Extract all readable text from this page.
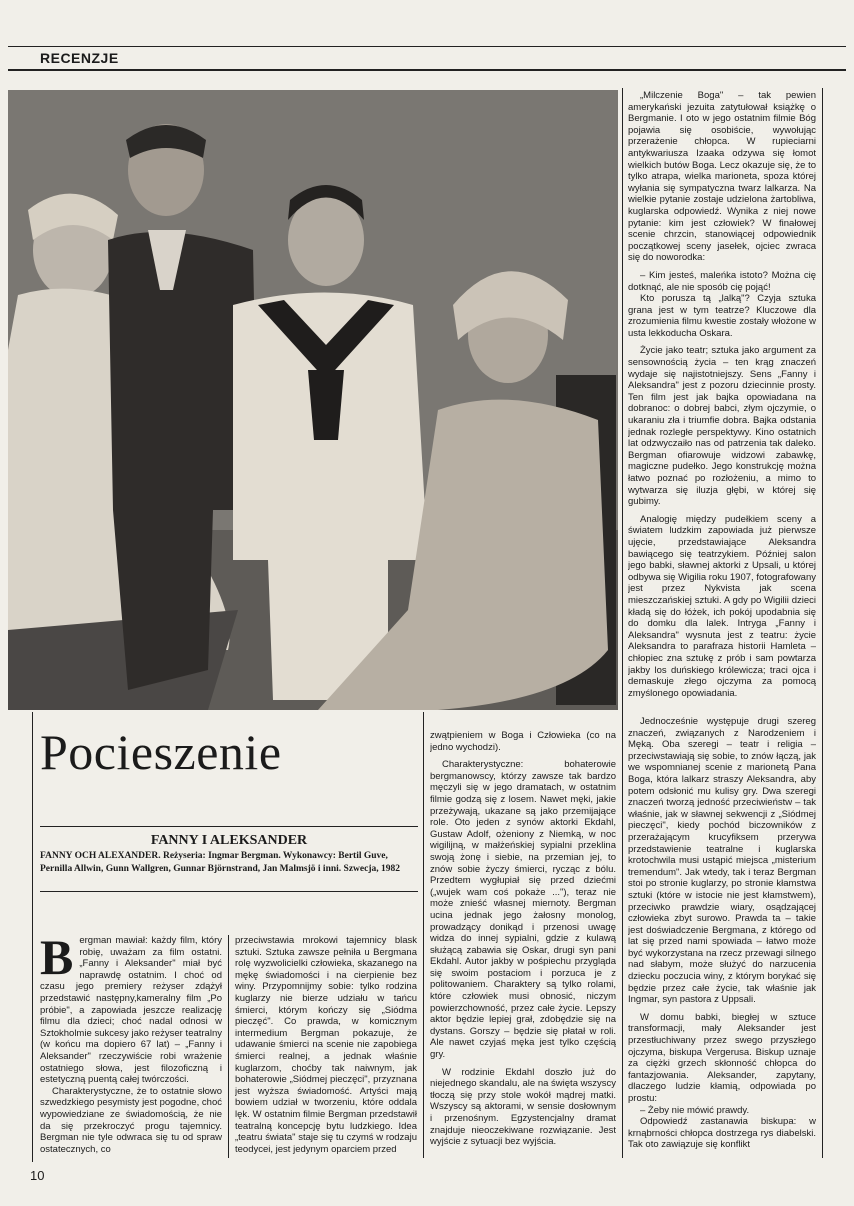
RECENZJE
Pocieszenie
FANNY I ALEKSANDER
FANNY OCH ALEXANDER. Reżyseria: Ingmar Bergman. Wykonawcy: Bertil Guve, Pernilla Allwin, Gunn Wallgren, Gunnar Björnstrand, Jan Malmsjö i inni. Szwecja, 1982

Bergman mawiał: każdy film, który robię, uważam za film ostatni. „Fanny i Aleksander" miał być naprawdę ostatnim. I choć od czasu jego premiery reżyser zdążył przedstawić następny,kameralny film „Po próbie", a zapowiada jeszcze realizację filmu dla dzieci; choć nadal odnosi w Sztokholmie sukcesy jako reżyser teatralny (w końcu ma dopiero 67 lat) – „Fanny i Aleksander" rzeczywiście robi wrażenie ostatniego słowa, jest filozoficzną i estetyczną puentą całej twórczości.

Charakterystyczne, że to ostatnie słowo szwedzkiego pesymisty jest pogodne, choć wypowiedziane ze świadomością, że nie da się przekroczyć progu tajemnicy. Bergman nie tyle odwraca się tu od spraw ostatecznych, co

przeciwstawia mrokowi tajemnicy blask sztuki. Sztuka zawsze pełniła u Bergmana rolę wyzwolicielki człowieka, skazanego na mękę świadomości i na cierpienie bez winy. Przypomnijmy sobie: tylko rodzina kuglarzy nie bierze udziału w tańcu śmierci, którym kończy się „Siódma pieczęć". Co prawda, w komicznym intermedium Bergman pokazuje, że udawanie śmierci na scenie nie zapobiega śmierci realnej, a jednak właśnie kuglarzom, choćby tak naiwnym, jak bohaterowie „Siódmej pieczęci", przyznana jest wyższa świadomość. Artyści mają bowiem udział w tworzeniu, które oddala lęk. W ostatnim filmie Bergman przedstawił teatralną koncepcję bytu ludzkiego. Idea „teatru świata" staje się tu czymś w rodzaju teodycei, jest jedynym oparciem przed

zwątpieniem w Boga i Człowieka (co na jedno wychodzi).

Charakterystyczne: bohaterowie bergmanowscy, którzy zawsze tak bardzo męczyli się w jego dramatach, w ostatnim filmie godzą się z losem. Nawet męki, jakie przeżywają, ukazane są jako przemijające role. Oto jeden z synów aktorki Ekdahl, Gustaw Adolf, ożeniony z Niemką, w noc wigilijną, w małżeńskiej sypialni przeklina swoją żonę i siebie, na przemian jej, to znów sobie życzy śmierci, rycząc z bólu. Przedtem wygłupiał się przed dziećmi („wujek wam coś pokaże ..."), teraz nie może znieść własnej miernoty. Bergman ucina jednak jego żałosny monolog, prowadzący donikąd i przenosi uwagę widza do innej sypialni, gdzie z kulawą służącą zabawia się Oskar, drugi syn pani Ekdahl. Autor jakby w pośpiechu przygląda się swoim postaciom i porzuca je z politowaniem. Charaktery są tylko rolami, które człowiek musi obnosić, niczym powierzchowność, przez całe życie. Lepszy aktor będzie lepiej grał, zdobędzie się na dystans. Gorszy – będzie się płatał w roli. Ale nawet czyjaś męka jest tylko częścią gry.

W rodzinie Ekdahl doszło już do niejednego skandalu, ale na święta wszyscy tłoczą się przy stole wokół mądrej matki. Wszyscy są aktorami, w sensie dosłownym i przenośnym. Egzystencjalny dramat znajduje nieoczekiwane rozwiązanie. Jest wyjście z sytuacji bez wyjścia.

„Milczenie Boga" – tak pewien amerykański jezuita zatytułował książkę o Bergmanie. I oto w jego ostatnim filmie Bóg pojawia się osobiście, wywołując przerażenie chłopca. W rupieciarni antykwariusza Izaaka odzywa się łomot wielkich butów Boga. Lecz okazuje się, że to tylko atrapa, wielka marioneta, spoza której wyłania się sympatyczna twarz lalkarza. Na wielkie pytanie zostaje udzielona żartobliwa, kuglarska odpowiedź. Wynika z niej nowe pytanie: kim jest człowiek? W finałowej scenie chrzcin, stanowiącej odpowiednik początkowej sceny jasełek, ojciec zwraca się do noworodka:

– Kim jesteś, maleńka istoto? Można cię dotknąć, ale nie sposób cię pojąć!

Kto porusza tą „lalką"? Czyja sztuka grana jest w tym teatrze? Kluczowe dla zrozumienia filmu kwestie zostały włożone w usta lekkoducha Oskara.

Życie jako teatr; sztuka jako argument za sensownością życia – ten krąg znaczeń wydaje się najistotniejszy. Sens „Fanny i Aleksandra" jest z pozoru dziecinnie prosty. Ten film jest jak bajka opowiadana na dobranoc: o dobrej babci, złym ojczymie, o ukaraniu zła i triumfie dobra. Bajka odstania jednak rozległe perspektywy. Kino ostatnich lat odzwyczaiło nas od patrzenia tak daleko. Bergman ofiarowuje widzowi zabawkę, magiczne pudełko. Jego konstrukcję można łatwo poznać po rozłożeniu, a mimo to wytwarza się iluzja głębi, w której się gubimy.

Analogię między pudełkiem sceny a światem ludzkim zapowiada już pierwsze ujęcie, przedstawiające Aleksandra bawiącego się teatrzykiem. Później salon jego babki, sławnej aktorki z Upsali, u której odbywa się Wigilia roku 1907, fotografowany jest przez Nykvista jak scena mieszczańskiej sztuki. A gdy po Wigilii dzieci kładą się do łóżek, ich pokój upodabnia się do domku dla lalek. Intryga „Fanny i Aleksandra" wysnuta jest z teatru: życie Aleksandra to parafraza historii Hamleta – chłopiec zna sztukę z prób i sam powtarza jakby los duńskiego królewicza; traci ojca i demaskuje złego ojczyma za pomocą zmyślonego opowiadania.

Jednocześnie występuje drugi szereg znaczeń, związanych z Narodzeniem i Męką. Oba szeregi – teatr i religia – przeciwstawiają się sobie, to znów łączą, jak we wspomnianej scenie z marionetą Pana Boga, która lalkarz straszy Aleksandra, aby potem odsłonić mu kulisy gry. Dwa szeregi znaczeń tworzą jedność przeciwieństw – tak właśnie, jak w sławnej sekwencji z „Siódmej pieczęci", kiedy pochód biczowników z przerażającym krucyfiksem przerywa przedstawienie teatralne i kuglarska krotochwila musi ustąpić miejsca „misterium tremendum". Jak wtedy, tak i teraz Bergman stoi po stronie kuglarzy, po stronie kłamstwa sztuki (które w istocie nie jest kłamstwem), przeciwko prawdzie wiary, osądzającej człowieka zbyt surowo. Prawda ta – takie jest doświadczenie Bergmana, z którego od lat się przed nami spowiada – łatwo może być wykorzystana na rzecz przewagi silnego nad słabym, może służyć do narzucenia dziecku poczucia winy, z którym borykać się będzie przez całe życie, tak właśnie jak Ingmar, syn pastora z Uppsali.

W domu babki, biegłej w sztuce transformacji, mały Aleksander jest przestłuchiwany przez swego przyszłego ojczyma, biskupa Vergerusa. Biskup uznaje za ciężki grzech skłonność chłopca do fantazjowania. Aleksander, zapytany, dlaczego ludzie kłamią, odpowiada po prostu:

– Żeby nie mówić prawdy.

Odpowiedź zastanawia biskupa: w krnąbrności chłopca dostrzega rys diabelski. Tak oto zawiązuje się konflikt

10
